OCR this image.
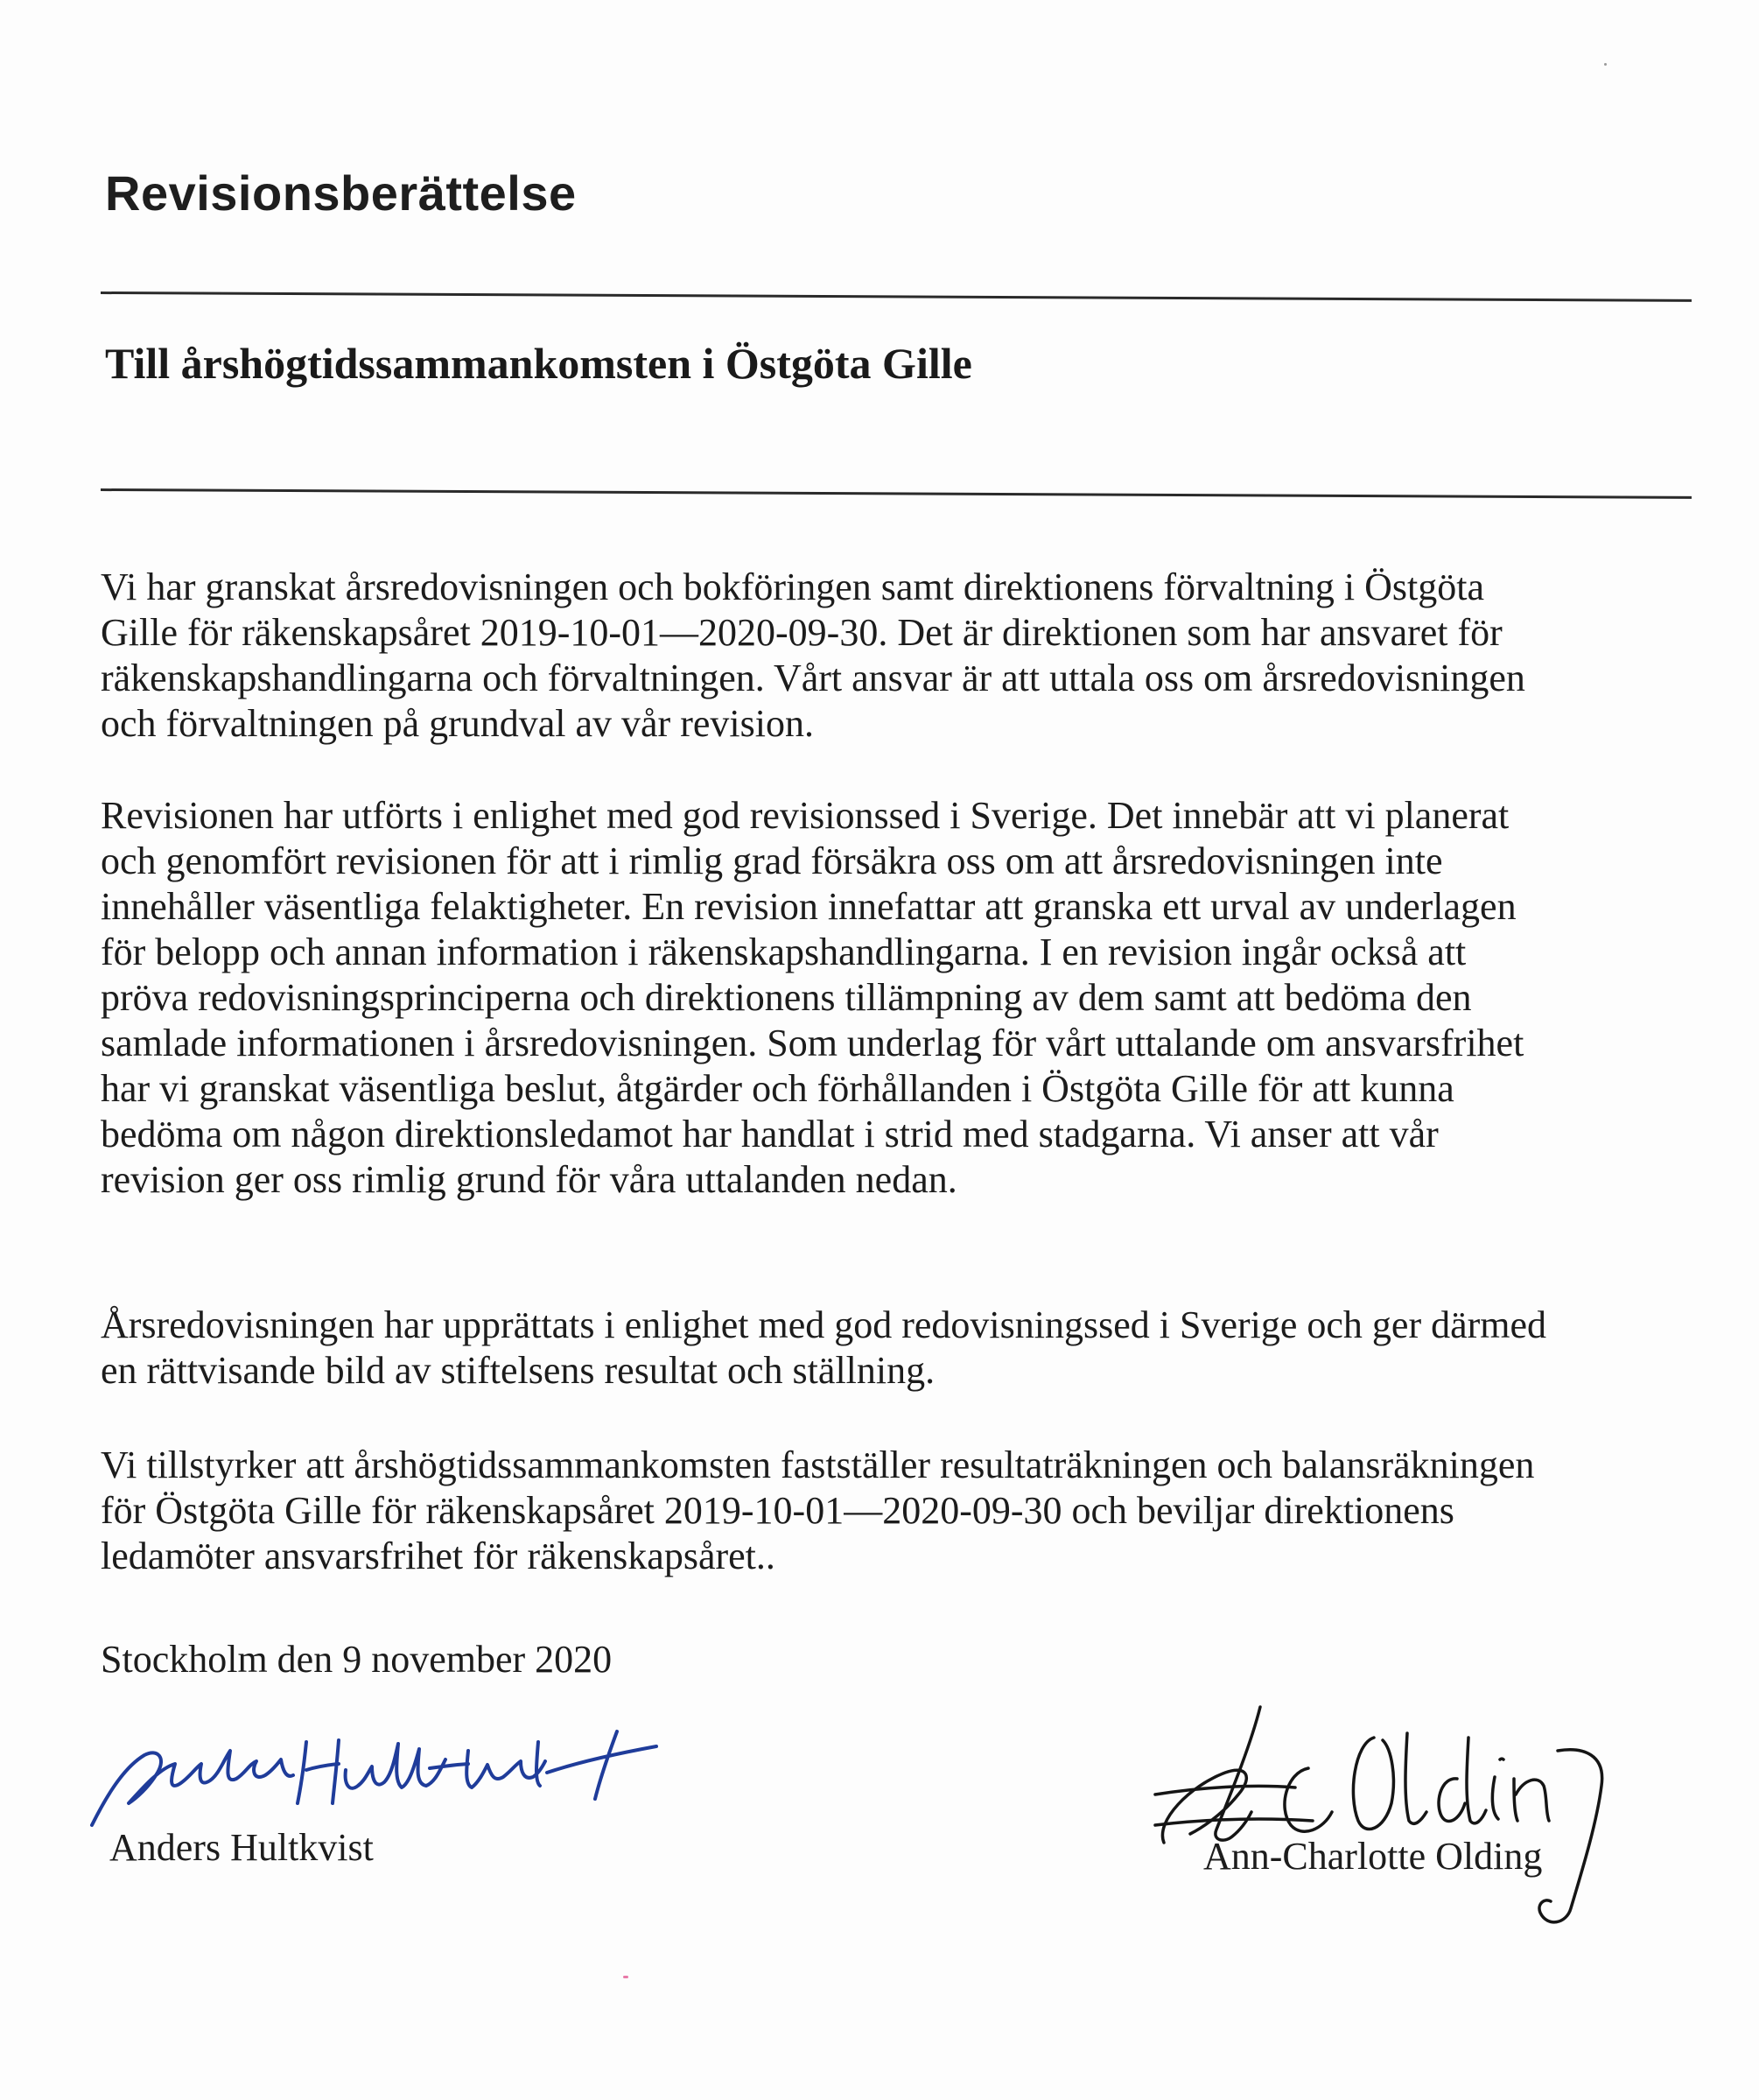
Revisionsberättelse
Till årshögtidssammankomsten i Östgöta Gille
Vi har granskat årsredovisningen och bokföringen samt direktionens förvaltning i Östgöta
Gille för räkenskapsåret 2019-10-01—2020-09-30. Det är direktionen som har ansvaret för
räkenskapshandlingarna och förvaltningen. Vårt ansvar är att uttala oss om årsredovisningen
och förvaltningen på grundval av vår revision.
Revisionen har utförts i enlighet med god revisionssed i Sverige. Det innebär att vi planerat
och genomfört revisionen för att i rimlig grad försäkra oss om att årsredovisningen inte
innehåller väsentliga felaktigheter. En revision innefattar att granska ett urval av underlagen
för belopp och annan information i räkenskapshandlingarna. I en revision ingår också att
pröva redovisningsprinciperna och direktionens tillämpning av dem samt att bedöma den
samlade informationen i årsredovisningen. Som underlag för vårt uttalande om ansvarsfrihet
har vi granskat väsentliga beslut, åtgärder och förhållanden i Östgöta Gille för att kunna
bedöma om någon direktionsledamot har handlat i strid med stadgarna. Vi anser att vår
revision ger oss rimlig grund för våra uttalanden nedan.
Årsredovisningen har upprättats i enlighet med god redovisningssed i Sverige och ger därmed
en rättvisande bild av stiftelsens resultat och ställning.
Vi tillstyrker att årshögtidssammankomsten fastställer resultaträkningen och balansräkningen
för Östgöta Gille för räkenskapsåret 2019-10-01—2020-09-30 och beviljar direktionens
ledamöter ansvarsfrihet för räkenskapsåret..
Stockholm den 9 november 2020
Anders Hultkvist	Ann-Charlotte Olding
